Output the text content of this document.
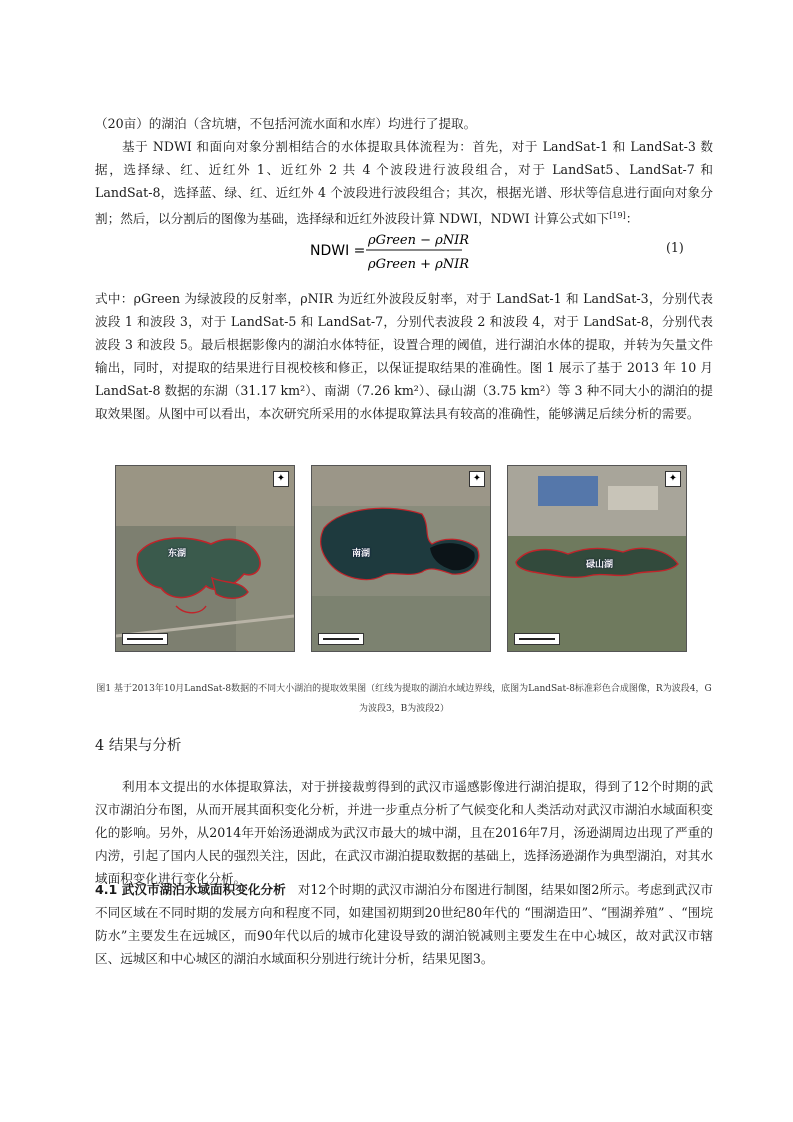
（20亩）的湖泊（含坑塘，不包括河流水面和水库）均进行了提取。

基于 NDWI 和面向对象分割相结合的水体提取具体流程为：首先，对于 LandSat-1 和 LandSat-3 数据，选择绿、红、近红外 1、近红外 2 共 4 个波段进行波段组合，对于 LandSat5、LandSat-7 和 LandSat-8，选择蓝、绿、红、近红外 4 个波段进行波段组合；其次，根据光谱、形状等信息进行面向对象分割；然后，以分割后的图像为基础，选择绿和近红外波段计算 NDWI，NDWI 计算公式如下[19]：

NDWI =
ρGreen − ρNIR
ρGreen + ρNIR
(1)

式中：ρGreen 为绿波段的反射率，ρNIR 为近红外波段反射率，对于 LandSat-1 和 LandSat-3，分别代表波段 1 和波段 3，对于 LandSat-5 和 LandSat-7，分别代表波段 2 和波段 4，对于 LandSat-8，分别代表波段 3 和波段 5。最后根据影像内的湖泊水体特征，设置合理的阈值，进行湖泊水体的提取，并转为矢量文件输出，同时，对提取的结果进行目视校核和修正，以保证提取结果的准确性。图 1 展示了基于 2013 年 10 月 LandSat-8 数据的东湖（31.17 km²）、南湖（7.26 km²）、碌山湖（3.75 km²）等 3 种不同大小的湖泊的提取效果图。从图中可以看出，本次研究所采用的水体提取算法具有较高的准确性，能够满足后续分析的需要。

东湖
✦
南湖
✦
碌山湖
✦

图1 基于2013年10月LandSat-8数据的不同大小湖泊的提取效果图（红线为提取的湖泊水域边界线，底图为LandSat-8标准彩色合成图像，R为波段4，G为波段3，B为波段2）

4 结果与分析

利用本文提出的水体提取算法，对于拼接裁剪得到的武汉市遥感影像进行湖泊提取，得到了12个时期的武汉市湖泊分布图，从而开展其面积变化分析，并进一步重点分析了气候变化和人类活动对武汉市湖泊水域面积变化的影响。另外，从2014年开始汤逊湖成为武汉市最大的城中湖，且在2016年7月，汤逊湖周边出现了严重的内涝，引起了国内人民的强烈关注，因此，在武汉市湖泊提取数据的基础上，选择汤逊湖作为典型湖泊，对其水域面积变化进行变化分析。

4.1 武汉市湖泊水域面积变化分析 对12个时期的武汉市湖泊分布图进行制图，结果如图2所示。考虑到武汉市不同区域在不同时期的发展方向和程度不同，如建国初期到20世纪80年代的 “围湖造田”、“围湖养殖” 、“围垸防水”主要发生在远城区，而90年代以后的城市化建设导致的湖泊锐减则主要发生在中心城区，故对武汉市辖区、远城区和中心城区的湖泊水域面积分别进行统计分析，结果见图3。
